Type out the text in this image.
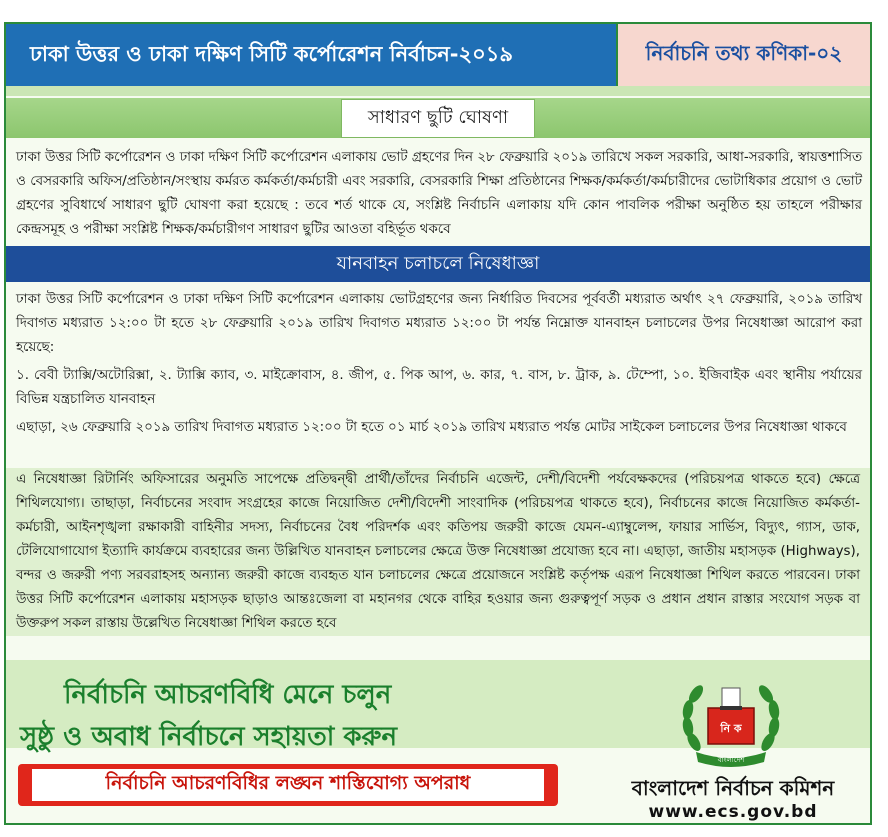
ঢাকা উত্তর ও ঢাকা দক্ষিণ সিটি কর্পোরেশন নির্বাচন-২০১৯	নির্বাচনি তথ্য কণিকা-০২
সাধারণ ছুটি ঘোষণা
ঢাকা উত্তর সিটি কর্পোরেশন ও ঢাকা দক্ষিণ সিটি কর্পোরেশন এলাকায় ভোট গ্রহণের দিন ২৮ ফেব্রুয়ারি ২০১৯ তারিখে সকল সরকারি, আধা-সরকারি, স্বায়ত্তশাসিত ও বেসরকারি অফিস/প্রতিষ্ঠান/সংস্থায় কর্মরত কর্মকর্তা/কর্মচারী এবং সরকারি, বেসরকারি শিক্ষা প্রতিষ্ঠানের শিক্ষক/কর্মকর্তা/কর্মচারীদের ভোটাধিকার প্রয়োগ ও ভোট গ্রহণের সুবিধার্থে সাধারণ ছুটি ঘোষণা করা হয়েছে : তবে শর্ত থাকে যে, সংশ্লিষ্ট নির্বাচনি এলাকায় যদি কোন পাবলিক পরীক্ষা অনুষ্ঠিত হয় তাহলে পরীক্ষার কেন্দ্রসমূহ ও পরীক্ষা সংশ্লিষ্ট শিক্ষক/কর্মচারীগণ সাধারণ ছুটির আওতা বহির্ভূত থকবে
যানবাহন চলাচলে নিষেধাজ্ঞা
ঢাকা উত্তর সিটি কর্পোরেশন ও ঢাকা দক্ষিণ সিটি কর্পোরেশন এলাকায় ভোটগ্রহণের জন্য নির্ধারিত দিবসের পূর্ববর্তী মধ্যরাত অর্থাৎ ২৭ ফেব্রুয়ারি, ২০১৯ তারিখ দিবাগত মধ্যরাত ১২:০০ টা হতে ২৮ ফেব্রুয়ারি ২০১৯ তারিখ দিবাগত মধ্যরাত ১২:০০ টা পর্যন্ত নিম্নোক্ত যানবাহন চলাচলের উপর নিষেধাজ্ঞা আরোপ করা হয়েছে:
১. বেবী ট্যাক্সি/অটোরিক্সা, ২. ট্যাক্সি ক্যাব, ৩. মাইক্রোবাস, ৪. জীপ, ৫. পিক আপ, ৬. কার, ৭. বাস, ৮. ট্রাক, ৯. টেম্পো, ১০. ইজিবাইক এবং স্থানীয় পর্যায়ের বিভিন্ন যন্ত্রচালিত যানবাহন
এছাড়া, ২৬ ফেব্রুয়ারি ২০১৯ তারিখ দিবাগত মধ্যরাত ১২:০০ টা হতে ০১ মার্চ ২০১৯ তারিখ মধ্যরাত পর্যন্ত মোটর সাইকেল চলাচলের উপর নিষেধাজ্ঞা থাকবে
এ নিষেধাজ্ঞা রিটার্নিং অফিসারের অনুমতি সাপেক্ষে প্রতিদ্বন্দ্বী প্রার্থী/তাঁদের নির্বাচনি এজেন্ট, দেশী/বিদেশী পর্যবেক্ষকদের (পরিচয়পত্র থাকতে হবে) ক্ষেত্রে শিথিলযোগ্য। তাছাড়া, নির্বাচনের সংবাদ সংগ্রহের কাজে নিয়োজিত দেশী/বিদেশী সাংবাদিক (পরিচয়পত্র থাকতে হবে), নির্বাচনের কাজে নিয়োজিত কর্মকর্তা-কর্মচারী, আইনশৃঙ্খলা রক্ষাকারী বাহিনীর সদস্য, নির্বাচনের বৈধ পরিদর্শক এবং কতিপয় জরুরী কাজে যেমন-এ্যাম্বুলেন্স, ফায়ার সার্ভিস, বিদ্যুৎ, গ্যাস, ডাক, টেলিযোগাযোগ ইত্যাদি কার্যক্রমে ব্যবহারের জন্য উল্লিখিত যানবাহন চলাচলের ক্ষেত্রে উক্ত নিষেধাজ্ঞা প্রযোজ্য হবে না। এছাড়া, জাতীয় মহাসড়ক (Highways), বন্দর ও জরুরী পণ্য সরবরাহসহ অন্যান্য জরুরী কাজে ব্যবহৃত যান চলাচলের ক্ষেত্রে প্রয়োজনে সংশ্লিষ্ট কর্তৃপক্ষ এরূপ নিষেধাজ্ঞা শিথিল করতে পারবেন। ঢাকা উত্তর সিটি কর্পোরেশন এলাকায় মহাসড়ক ছাড়াও আন্তঃজেলা বা মহানগর থেকে বাহির হওয়ার জন্য গুরুত্বপূর্ণ সড়ক ও প্রধান প্রধান রাস্তার সংযোগ সড়ক বা উক্তরুপ সকল রাস্তায় উল্লেখিত নিষেধাজ্ঞা শিথিল করতে হবে
নির্বাচনি আচরণবিধি মেনে চলুন
সুষ্ঠু ও অবাধ নির্বাচনে সহায়তা করুন
নির্বাচনি আচরণবিধির লঙ্ঘন শাস্তিযোগ্য অপরাধ
নি ক
বাংলাদেশ
বাংলাদেশ নির্বাচন কমিশন
www.ecs.gov.bd
